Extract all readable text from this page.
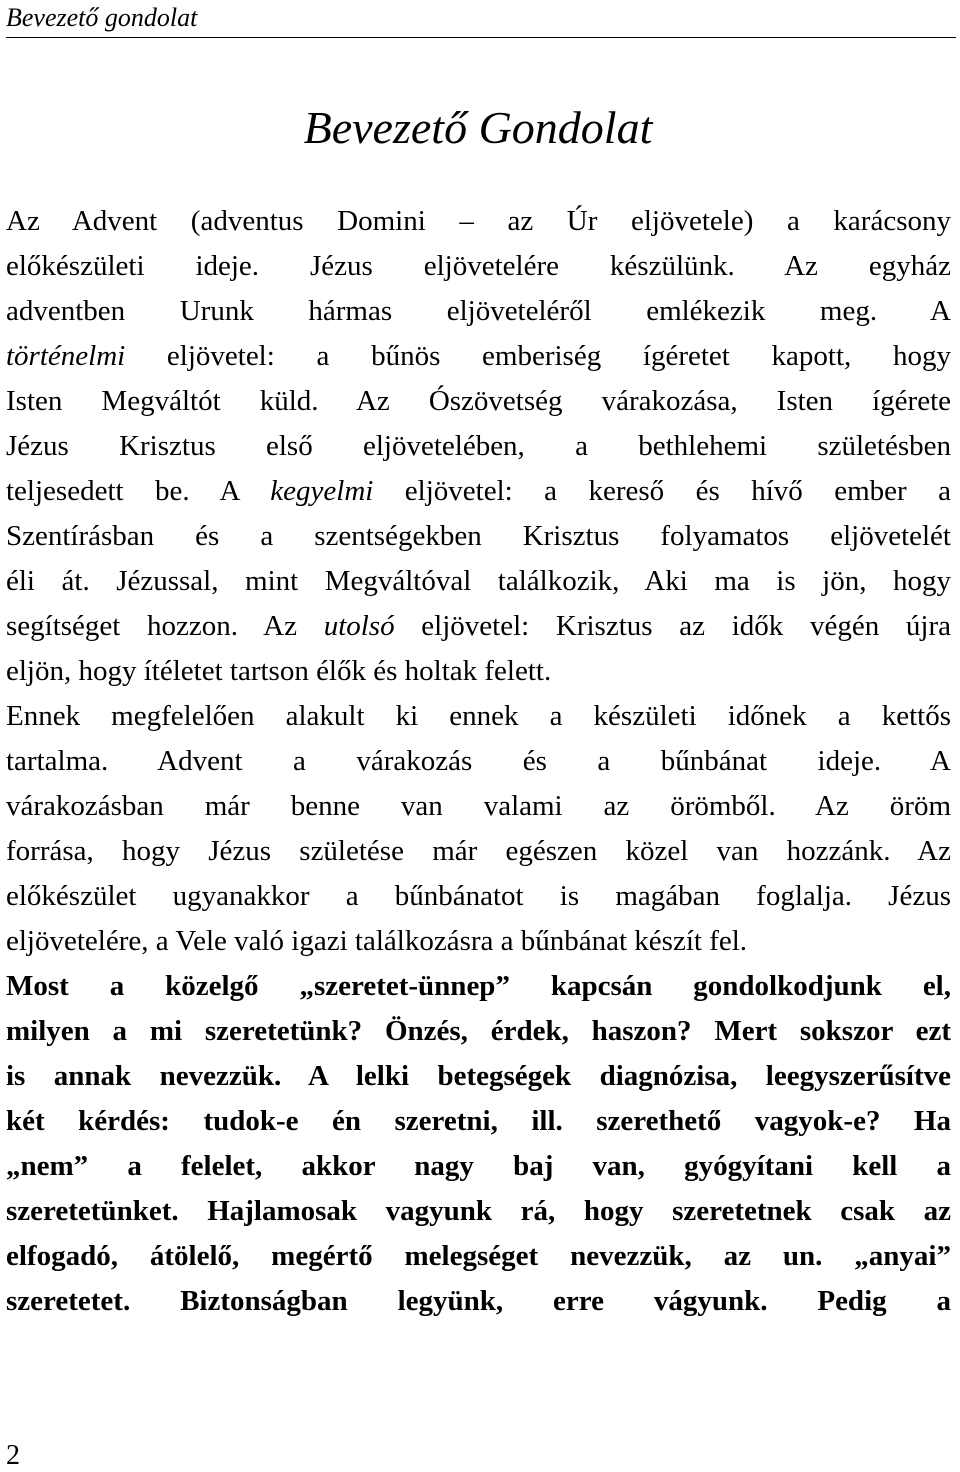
Bevezető gondolat
Bevezető Gondolat
Az Advent (adventus Domini – az Úr eljövetele) a karácsony
előkészületi ideje. Jézus eljövetelére készülünk. Az egyház
adventben Urunk hármas eljöveteléről emlékezik meg. A
történelmi eljövetel: a bűnös emberiség ígéretet kapott, hogy
Isten Megváltót küld. Az Ószövetség várakozása, Isten ígérete
Jézus Krisztus első eljövetelében, a bethlehemi születésben
teljesedett be. A kegyelmi eljövetel: a kereső és hívő ember a
Szentírásban és a szentségekben Krisztus folyamatos eljövetelét
éli át. Jézussal, mint Megváltóval találkozik, Aki ma is jön, hogy
segítséget hozzon. Az utolsó eljövetel: Krisztus az idők végén újra
eljön, hogy ítéletet tartson élők és holtak felett.
Ennek megfelelően alakult ki ennek a készületi időnek a kettős
tartalma. Advent a várakozás és a bűnbánat ideje. A
várakozásban már benne van valami az örömből. Az öröm
forrása, hogy Jézus születése már egészen közel van hozzánk. Az
előkészület ugyanakkor a bűnbánatot is magában foglalja. Jézus
eljövetelére, a Vele való igazi találkozásra a bűnbánat készít fel.
Most a közelgő „szeretet-ünnep” kapcsán gondolkodjunk el,
milyen a mi szeretetünk? Önzés, érdek, haszon? Mert sokszor ezt
is annak nevezzük. A lelki betegségek diagnózisa, leegyszerűsítve
két kérdés: tudok-e én szeretni, ill. szerethető vagyok-e? Ha
„nem” a felelet, akkor nagy baj van, gyógyítani kell a
szeretetünket. Hajlamosak vagyunk rá, hogy szeretetnek csak az
elfogadó, átölelő, megértő melegséget nevezzük, az un. „anyai”
szeretetet. Biztonságban legyünk, erre vágyunk. Pedig a
2
